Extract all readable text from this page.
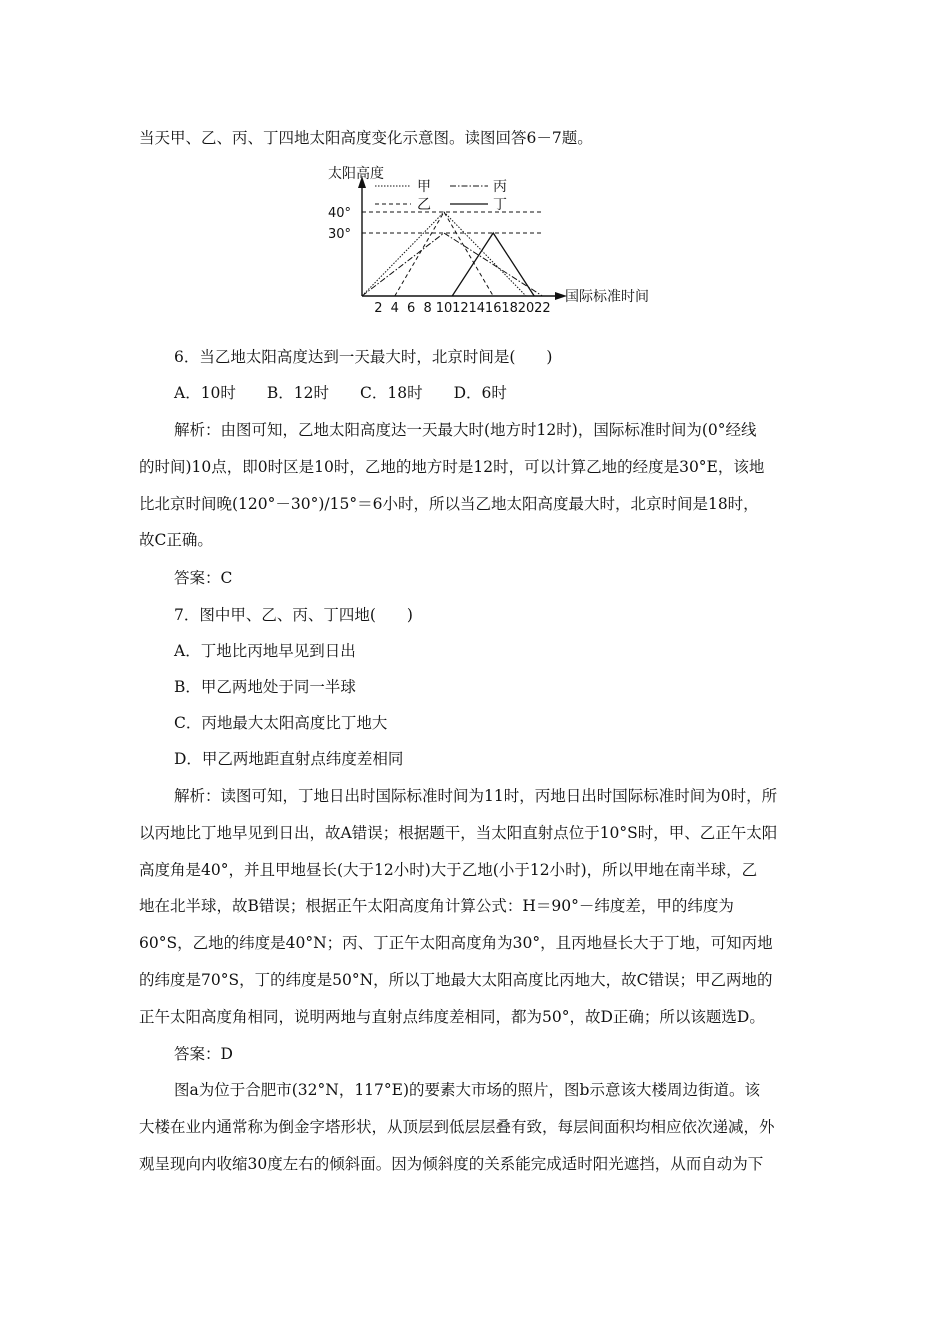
当天甲、乙、丙、丁四地太阳高度变化示意图。读图回答6－7题。
太阳高度
国际标准时间
甲	丙
乙	丁
40°
30°
2 4 6 8 10 12 14 16 18 20 22
6．当乙地太阳高度达到一天最大时，北京时间是(　　)
A．10时　　B．12时　　C．18时　　D．6时
解析：由图可知，乙地太阳高度达一天最大时(地方时12时)，国际标准时间为(0°经线
的时间)10点，即0时区是10时，乙地的地方时是12时，可以计算乙地的经度是30°E，该地
比北京时间晚(120°－30°)/15°＝6小时，所以当乙地太阳高度最大时，北京时间是18时，
故C正确。
答案：C
7．图中甲、乙、丙、丁四地(　　)
A．丁地比丙地早见到日出
B．甲乙两地处于同一半球
C．丙地最大太阳高度比丁地大
D．甲乙两地距直射点纬度差相同
解析：读图可知，丁地日出时国际标准时间为11时，丙地日出时国际标准时间为0时，所
以丙地比丁地早见到日出，故A错误；根据题干，当太阳直射点位于10°S时，甲、乙正午太阳
高度角是40°，并且甲地昼长(大于12小时)大于乙地(小于12小时)，所以甲地在南半球，乙
地在北半球，故B错误；根据正午太阳高度角计算公式：H＝90°－纬度差，甲的纬度为
60°S，乙地的纬度是40°N；丙、丁正午太阳高度角为30°，且丙地昼长大于丁地，可知丙地
的纬度是70°S，丁的纬度是50°N，所以丁地最大太阳高度比丙地大，故C错误；甲乙两地的
正午太阳高度角相同，说明两地与直射点纬度差相同，都为50°，故D正确；所以该题选D。
答案：D
图a为位于合肥市(32°N，117°E)的要素大市场的照片，图b示意该大楼周边街道。该
大楼在业内通常称为倒金字塔形状，从顶层到低层层叠有致，每层间面积均相应依次递减，外
观呈现向内收缩30度左右的倾斜面。因为倾斜度的关系能完成适时阳光遮挡，从而自动为下
